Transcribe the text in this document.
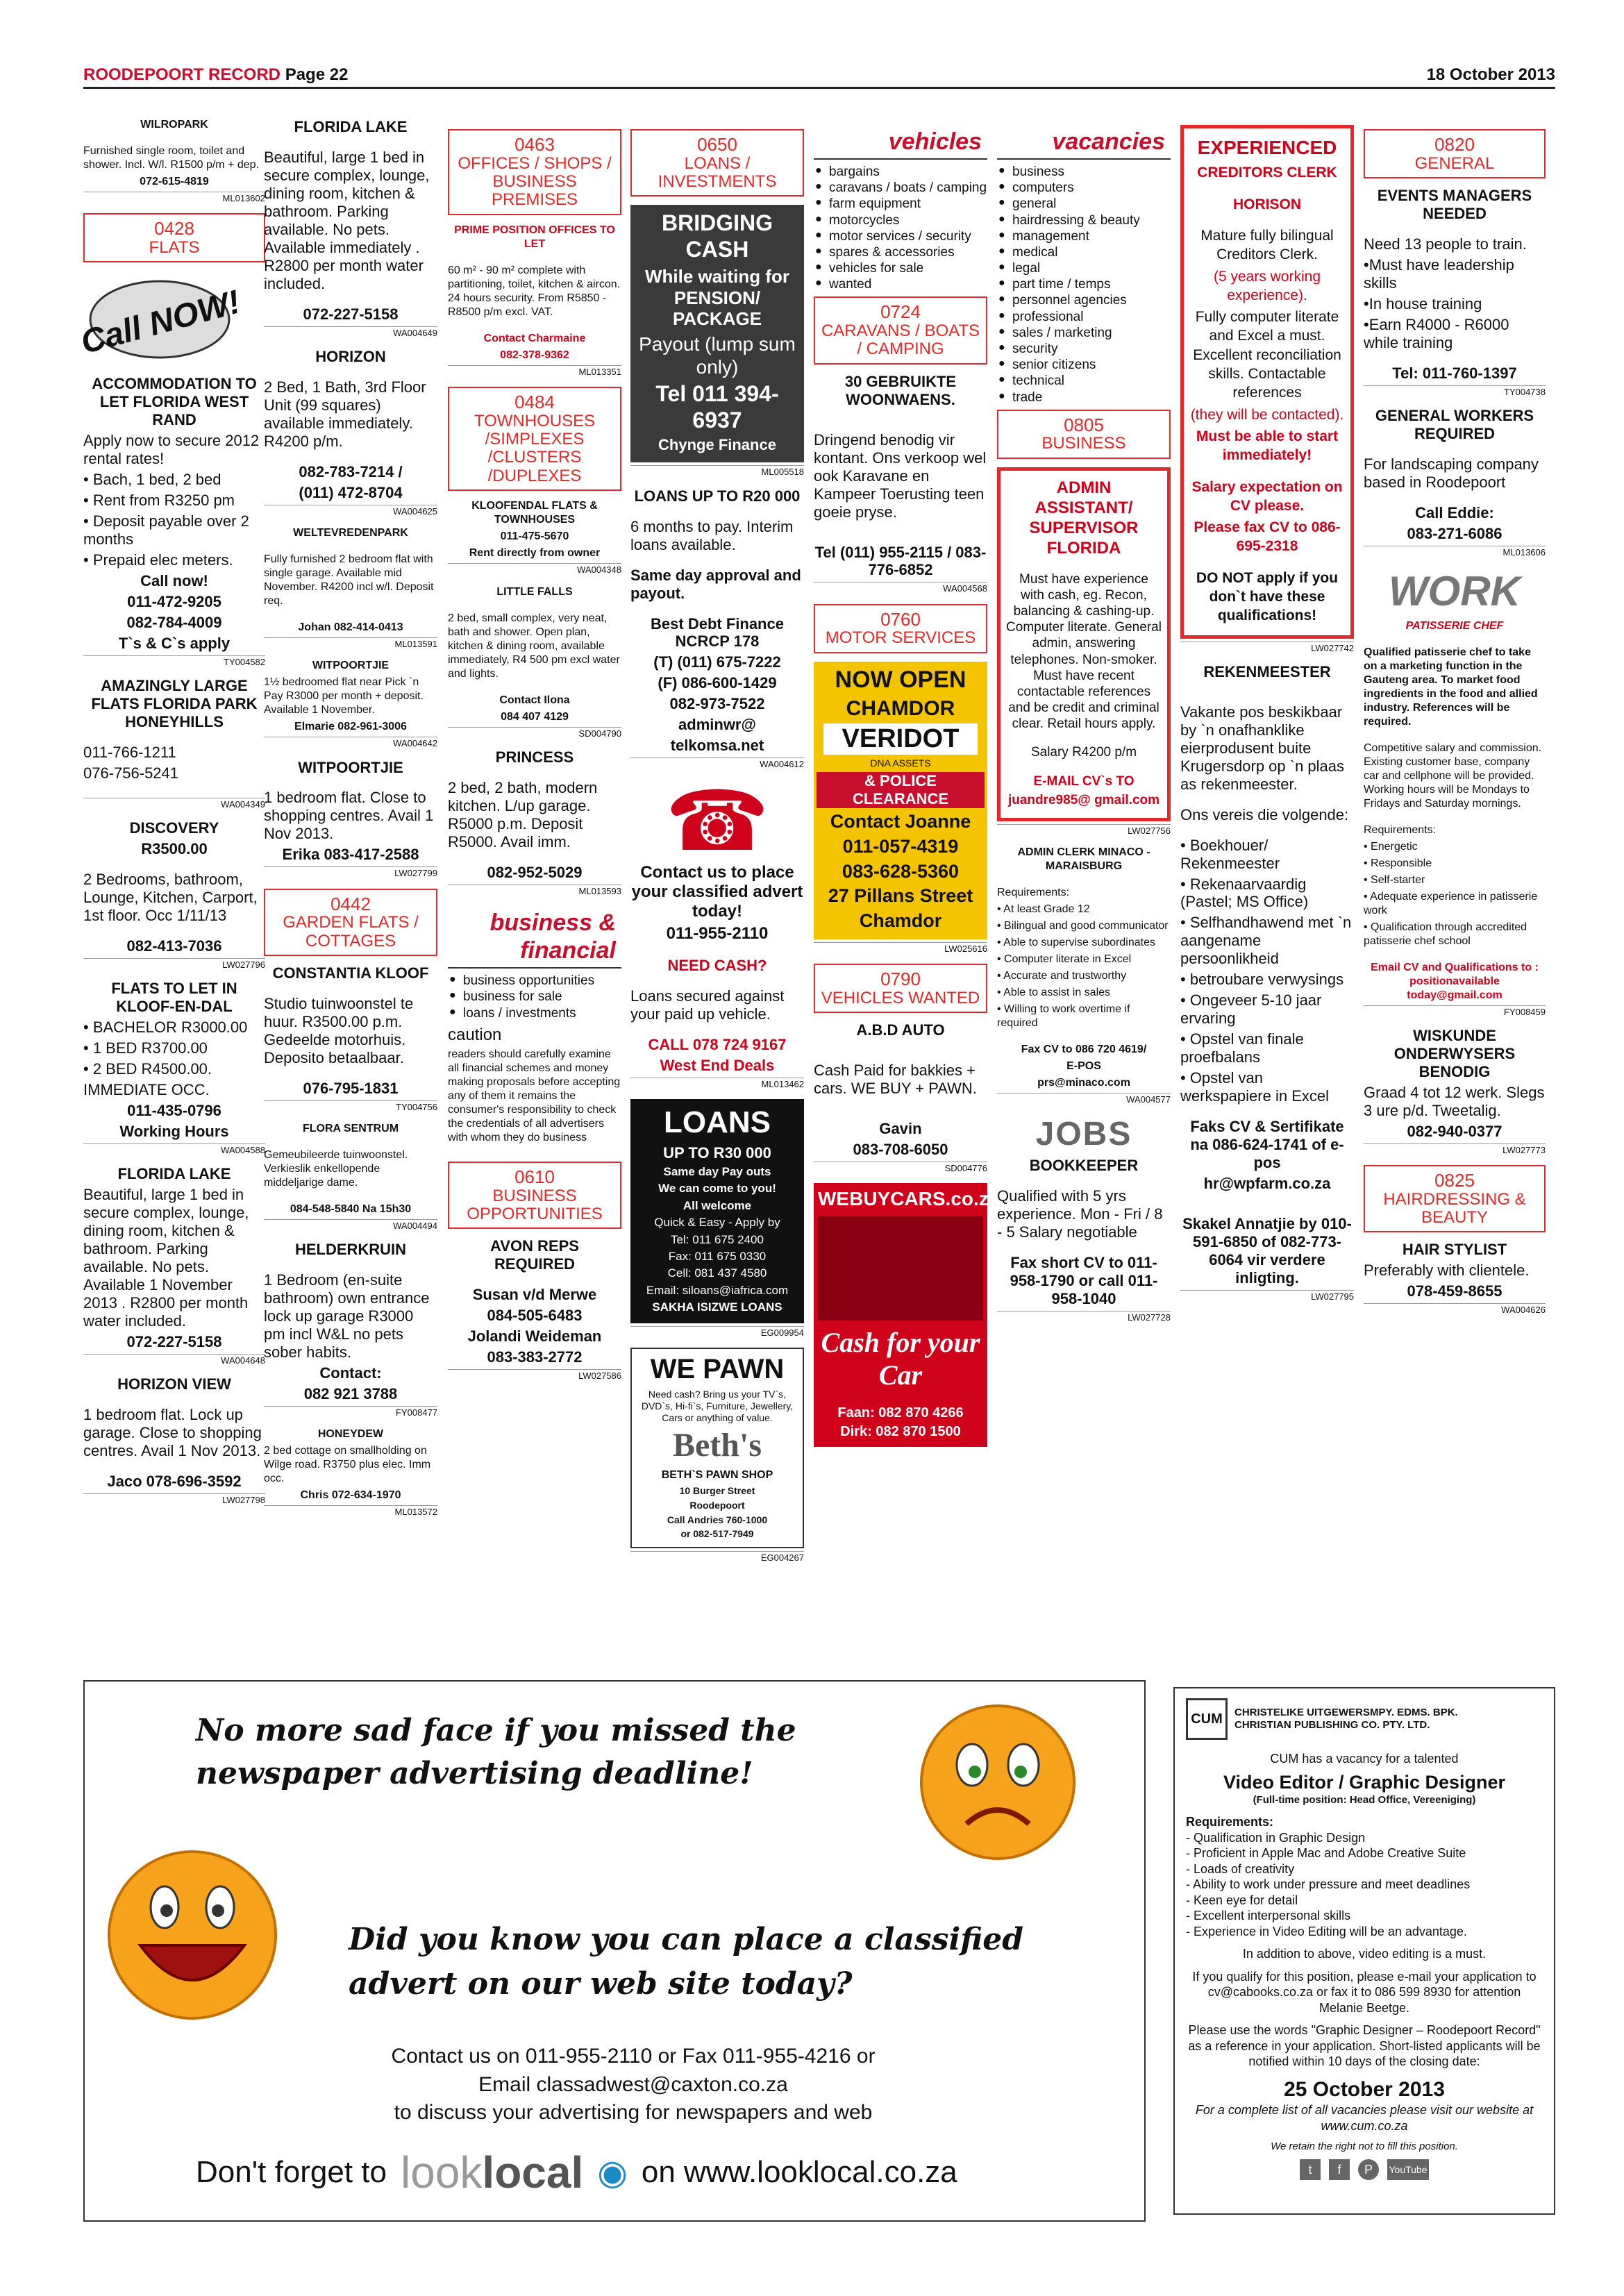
ROODEPOORT RECORD Page 22	18 October 2013

WILROPARK

Furnished single room, toilet and shower. Incl. W/l. R1500 p/m + dep.

072-615-4819

ML013602
0428
FLATS
Call NOW!

ACCOMMODATION TO LET FLORIDA WEST RAND

Apply now to secure 2012 rental rates!

• Bach, 1 bed, 2 bed

• Rent from R3250 pm

• Deposit payable over 2 months

• Prepaid elec meters.

Call now!

011-472-9205

082-784-4009

T`s & C`s apply

TY004582

AMAZINGLY LARGE FLATS FLORIDA PARK HONEYHILLS

011-766-1211

076-756-5241

WA004349

DISCOVERY

R3500.00

2 Bedrooms, bathroom, Lounge, Kitchen, Carport, 1st floor. Occ 1/11/13

082-413-7036

LW027796

FLATS TO LET IN KLOOF-EN-DAL

• BACHELOR R3000.00

• 1 BED R3700.00

• 2 BED R4500.00.

IMMEDIATE OCC.

011-435-0796

Working Hours

WA004588

FLORIDA LAKE

Beautiful, large 1 bed in secure complex, lounge, dining room, kitchen & bathroom. Parking available. No pets. Available 1 November 2013 . R2800 per month water included.

072-227-5158

WA004648

HORIZON VIEW

1 bedroom flat. Lock up garage. Close to shopping centres. Avail 1 Nov 2013.

Jaco 078-696-3592

LW027798

FLORIDA LAKE

Beautiful, large 1 bed in secure complex, lounge, dining room, kitchen & bathroom. Parking available. No pets. Available immediately . R2800 per month water included.

072-227-5158

WA004649

HORIZON

2 Bed, 1 Bath, 3rd Floor Unit (99 squares) available immediately. R4200 p/m.

082-783-7214 /

(011) 472-8704

WA004625

WELTEVREDENPARK

Fully furnished 2 bedroom flat with single garage. Available mid November. R4200 incl w/l. Deposit req.

Johan 082-414-0413

ML013591

WITPOORTJIE

1½ bedroomed flat near Pick `n Pay R3000 per month + deposit. Available 1 November.

Elmarie 082-961-3006

WA004642

WITPOORTJIE

1 bedroom flat. Close to shopping centres. Avail 1 Nov 2013.

Erika 083-417-2588

LW027799
0442
GARDEN FLATS / COTTAGES

CONSTANTIA KLOOF

Studio tuinwoonstel te huur. R3500.00 p.m. Gedeelde motorhuis. Deposito betaalbaar.

076-795-1831

TY004756

FLORA SENTRUM

Gemeubileerde tuinwoonstel. Verkieslik enkellopende middeljarige dame.

084-548-5840 Na 15h30

WA004494

HELDERKRUIN

1 Bedroom (en-suite bathroom) own entrance lock up garage R3000 pm incl W&L no pets sober habits.

Contact:

082 921 3788

FY008477

HONEYDEW

2 bed cottage on smallholding on Wilge road. R3750 plus elec. Imm occ.

Chris 072-634-1970

ML013572
0463
OFFICES / SHOPS / BUSINESS PREMISES

PRIME POSITION OFFICES TO LET

60 m² - 90 m² complete with partitioning, toilet, kitchen & aircon. 24 hours security. From R5850 - R8500 p/m excl. VAT.

Contact Charmaine

082-378-9362

ML013351
0484
TOWNHOUSES /SIMPLEXES /CLUSTERS /DUPLEXES

KLOOFENDAL FLATS & TOWNHOUSES

011-475-5670

Rent directly from owner

WA004348

LITTLE FALLS

2 bed, small complex, very neat, bath and shower. Open plan, kitchen & dining room, available immediately, R4 500 pm excl water and lights.

Contact Ilona

084 407 4129

SD004790

PRINCESS

2 bed, 2 bath, modern kitchen. L/up garage. R5000 p.m. Deposit R5000. Avail imm.

082-952-5029

ML013593
business & financial
● business opportunities
● business for sale
● loans / investments

caution

readers should carefully examine all financial schemes and money making proposals before accepting any of them it remains the consumer's responsibility to check the credentials of all advertisers with whom they do business

0610
BUSINESS OPPORTUNITIES

AVON REPS REQUIRED

Susan v/d Merwe

084-505-6483

Jolandi Weideman

083-383-2772

LW027586
0650
LOANS / INVESTMENTS

BRIDGING CASH

While waiting for PENSION/ PACKAGE

Payout (lump sum only)

Tel 011 394-6937

Chynge Finance

ML005518

LOANS UP TO R20 000

6 months to pay. Interim loans available.

Same day approval and payout.

Best Debt Finance NCRCP 178

(T) (011) 675-7222

(F) 086-600-1429

082-973-7522

adminwr@

telkomsa.net

WA004612
☎

Contact us to place your classified advert today!

011-955-2110

NEED CASH?

Loans secured against your paid up vehicle.

CALL 078 724 9167

West End Deals

ML013462

LOANS

UP TO R30 000

Same day Pay outs

We can come to you!

All welcome

Quick & Easy - Apply by

Tel: 011 675 2400

Fax: 011 675 0330

Cell: 081 437 4580

Email: siloans@iafrica.com

SAKHA ISIZWE LOANS

EG009954

WE PAWN

Need cash? Bring us your TV`s, DVD`s, Hi-fi`s, Furniture, Jewellery, Cars or anything of value.

Beth's

BETH`S PAWN SHOP

10 Burger Street

Roodepoort

Call Andries 760-1000

or 082-517-7949

EG004267
vehicles
● bargains
● caravans / boats / camping
● farm equipment
● motorcycles
● motor services / security
● spares & accessories
● vehicles for sale
● wanted
0724
CARAVANS / BOATS / CAMPING

30 GEBRUIKTE WOONWAENS.

Dringend benodig vir kontant. Ons verkoop wel ook Karavane en Kampeer Toerusting teen goeie pryse.

Tel (011) 955-2115 / 083-776-6852

WA004568
0760
MOTOR SERVICES

NOW OPEN

CHAMDOR

VERIDOT

DNA ASSETS

& POLICE CLEARANCE

Contact Joanne

011-057-4319

083-628-5360

27 Pillans Street

Chamdor

LW025616
0790
VEHICLES WANTED

A.B.D AUTO

Cash Paid for bakkies + cars. WE BUY + PAWN.

Gavin

083-708-6050

SD004776

WEBUYCARS.co.za

Cash for your Car

Faan: 082 870 4266

Dirk: 082 870 1500

vacancies
● business
● computers
● general
● hairdressing & beauty
● management
● medical
● legal
● part time / temps
● personnel agencies
● professional
● sales / marketing
● security
● senior citizens
● technical
● trade
0805
BUSINESS

ADMIN ASSISTANT/ SUPERVISOR FLORIDA

Must have experience with cash, eg. Recon, balancing & cashing-up. Computer literate. General admin, answering telephones. Non-smoker. Must have recent contactable references and be credit and criminal clear. Retail hours apply.

Salary R4200 p/m

E-MAIL CV`s TO

juandre985@ gmail.com

LW027756

ADMIN CLERK MINACO - MARAISBURG

Requirements:

• At least Grade 12

• Bilingual and good communicator

• Able to supervise subordinates

• Computer literate in Excel

• Accurate and trustworthy

• Able to assist in sales

• Willing to work overtime if required

Fax CV to 086 720 4619/

E-POS

prs@minaco.com

WA004577

JOBS

BOOKKEEPER

Qualified with 5 yrs experience. Mon - Fri / 8 - 5 Salary negotiable

Fax short CV to 011-958-1790 or call 011-958-1040

LW027728

EXPERIENCED

CREDITORS CLERK

HORISON

Mature fully bilingual Creditors Clerk.

(5 years working experience).

Fully computer literate and Excel a must. Excellent reconciliation skills. Contactable references

(they will be contacted).

Must be able to start immediately!

Salary expectation on CV please.

Please fax CV to 086-695-2318

DO NOT apply if you don`t have these qualifications!

LW027742

REKENMEESTER

Vakante pos beskikbaar by `n onafhanklike eierprodusent buite Krugersdorp op `n plaas as rekenmeester.

Ons vereis die volgende:

• Boekhouer/ Rekenmeester

• Rekenaarvaardig (Pastel; MS Office)

• Selfhandhawend met `n aangename persoonlikheid

• betroubare verwysings

• Ongeveer 5-10 jaar ervaring

• Opstel van finale proefbalans

• Opstel van werkspapiere in Excel

Faks CV & Sertifikate na 086-624-1741 of e-pos

hr@wpfarm.co.za

Skakel Annatjie by 010-591-6850 of 082-773-6064 vir verdere inligting.

LW027795
0820
GENERAL

EVENTS MANAGERS NEEDED

Need 13 people to train.

•Must have leadership skills

•In house training

•Earn R4000 - R6000 while training

Tel: 011-760-1397

TY004738

GENERAL WORKERS REQUIRED

For landscaping company based in Roodepoort

Call Eddie:

083-271-6086

ML013606

WORK

PATISSERIE CHEF

Qualified patisserie chef to take on a marketing function in the Gauteng area. To market food ingredients in the food and allied industry. References will be required.

Competitive salary and commission. Existing customer base, company car and cellphone will be provided. Working hours will be Mondays to Fridays and Saturday mornings.

Requirements:

• Energetic

• Responsible

• Self-starter

• Adequate experience in patisserie work

• Qualification through accredited patisserie chef school

Email CV and Qualifications to : positionavailable today@gmail.com

FY008459

WISKUNDE ONDERWYSERS BENODIG

Graad 4 tot 12 werk. Slegs 3 ure p/d. Tweetalig.

082-940-0377

LW027773
0825
HAIRDRESSING & BEAUTY

HAIR STYLIST

Preferably with clientele.

078-459-8655

WA004626

No more sad face if you missed the

newspaper advertising deadline!

Did you know you can place a classified

advert on our web site today?

Contact us on 011-955-2110 or Fax 011-955-4216 or

Email classadwest@caxton.co.za

to discuss your advertising for newspapers and web

Don't forget to looklocal ◉ on www.looklocal.co.za
CUM	CHRISTELIKE UITGEWERSMPY. EDMS. BPK.

CHRISTIAN PUBLISHING CO. PTY. LTD.

CUM has a vacancy for a talented

Video Editor / Graphic Designer

(Full-time position: Head Office, Vereeniging)

Requirements:

- Qualification in Graphic Design

- Proficient in Apple Mac and Adobe Creative Suite

- Loads of creativity

- Ability to work under pressure and meet deadlines

- Keen eye for detail

- Excellent interpersonal skills

- Experience in Video Editing will be an advantage.

In addition to above, video editing is a must.

If you qualify for this position, please e-mail your application to cv@cabooks.co.za or fax it to 086 599 8930 for attention Melanie Beetge.

Please use the words "Graphic Designer – Roodepoort Record" as a reference in your application. Short-listed applicants will be notified within 10 days of the closing date:

25 October 2013

For a complete list of all vacancies please visit our website at www.cum.co.za

We retain the right not to fill this position.

t	f	P	YouTube
